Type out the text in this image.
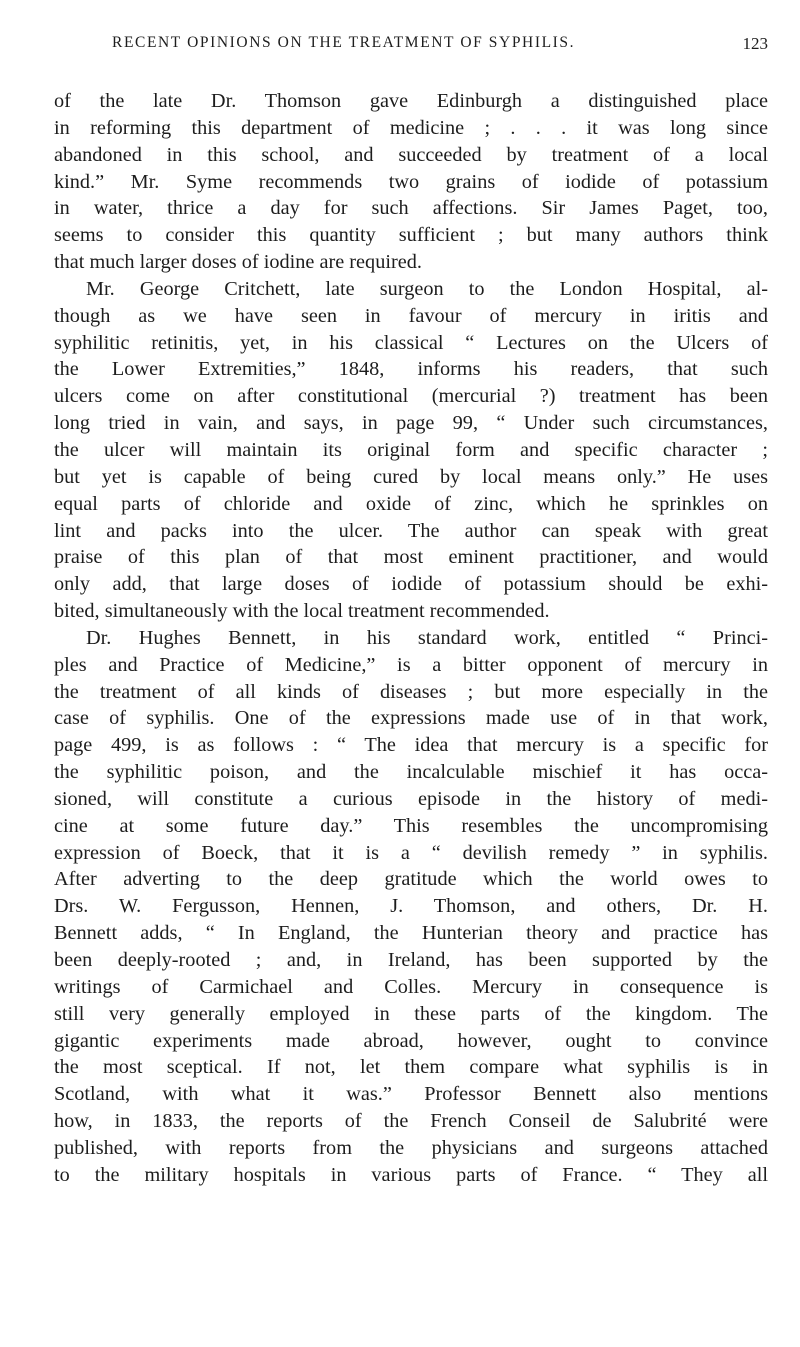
RECENT OPINIONS ON THE TREATMENT OF SYPHILIS.	123
of the late Dr. Thomson gave Edinburgh a distinguished place
in reforming this department of medicine ; . . . it was long since
abandoned in this school, and succeeded by treatment of a local
kind.” Mr. Syme recommends two grains of iodide of potassium
in water, thrice a day for such affections. Sir James Paget, too,
seems to consider this quantity sufficient ; but many authors think
that much larger doses of iodine are required.
Mr. George Critchett, late surgeon to the London Hospital, al-
though as we have seen in favour of mercury in iritis and
syphilitic retinitis, yet, in his classical “ Lectures on the Ulcers of
the Lower Extremities,” 1848, informs his readers, that such
ulcers come on after constitutional (mercurial ?) treatment has been
long tried in vain, and says, in page 99, “ Under such circumstances,
the ulcer will maintain its original form and specific character ;
but yet is capable of being cured by local means only.” He uses
equal parts of chloride and oxide of zinc, which he sprinkles on
lint and packs into the ulcer. The author can speak with great
praise of this plan of that most eminent practitioner, and would
only add, that large doses of iodide of potassium should be exhi-
bited, simultaneously with the local treatment recommended.
Dr. Hughes Bennett, in his standard work, entitled “ Princi-
ples and Practice of Medicine,” is a bitter opponent of mercury in
the treatment of all kinds of diseases ; but more especially in the
case of syphilis. One of the expressions made use of in that work,
page 499, is as follows : “ The idea that mercury is a specific for
the syphilitic poison, and the incalculable mischief it has occa-
sioned, will constitute a curious episode in the history of medi-
cine at some future day.” This resembles the uncompromising
expression of Boeck, that it is a “ devilish remedy ” in syphilis.
After adverting to the deep gratitude which the world owes to
Drs. W. Fergusson, Hennen, J. Thomson, and others, Dr. H.
Bennett adds, “ In England, the Hunterian theory and practice has
been deeply-rooted ; and, in Ireland, has been supported by the
writings of Carmichael and Colles. Mercury in consequence is
still very generally employed in these parts of the kingdom. The
gigantic experiments made abroad, however, ought to convince
the most sceptical. If not, let them compare what syphilis is in
Scotland, with what it was.” Professor Bennett also mentions
how, in 1833, the reports of the French Conseil de Salubrité were
published, with reports from the physicians and surgeons attached
to the military hospitals in various parts of France. “ They all
